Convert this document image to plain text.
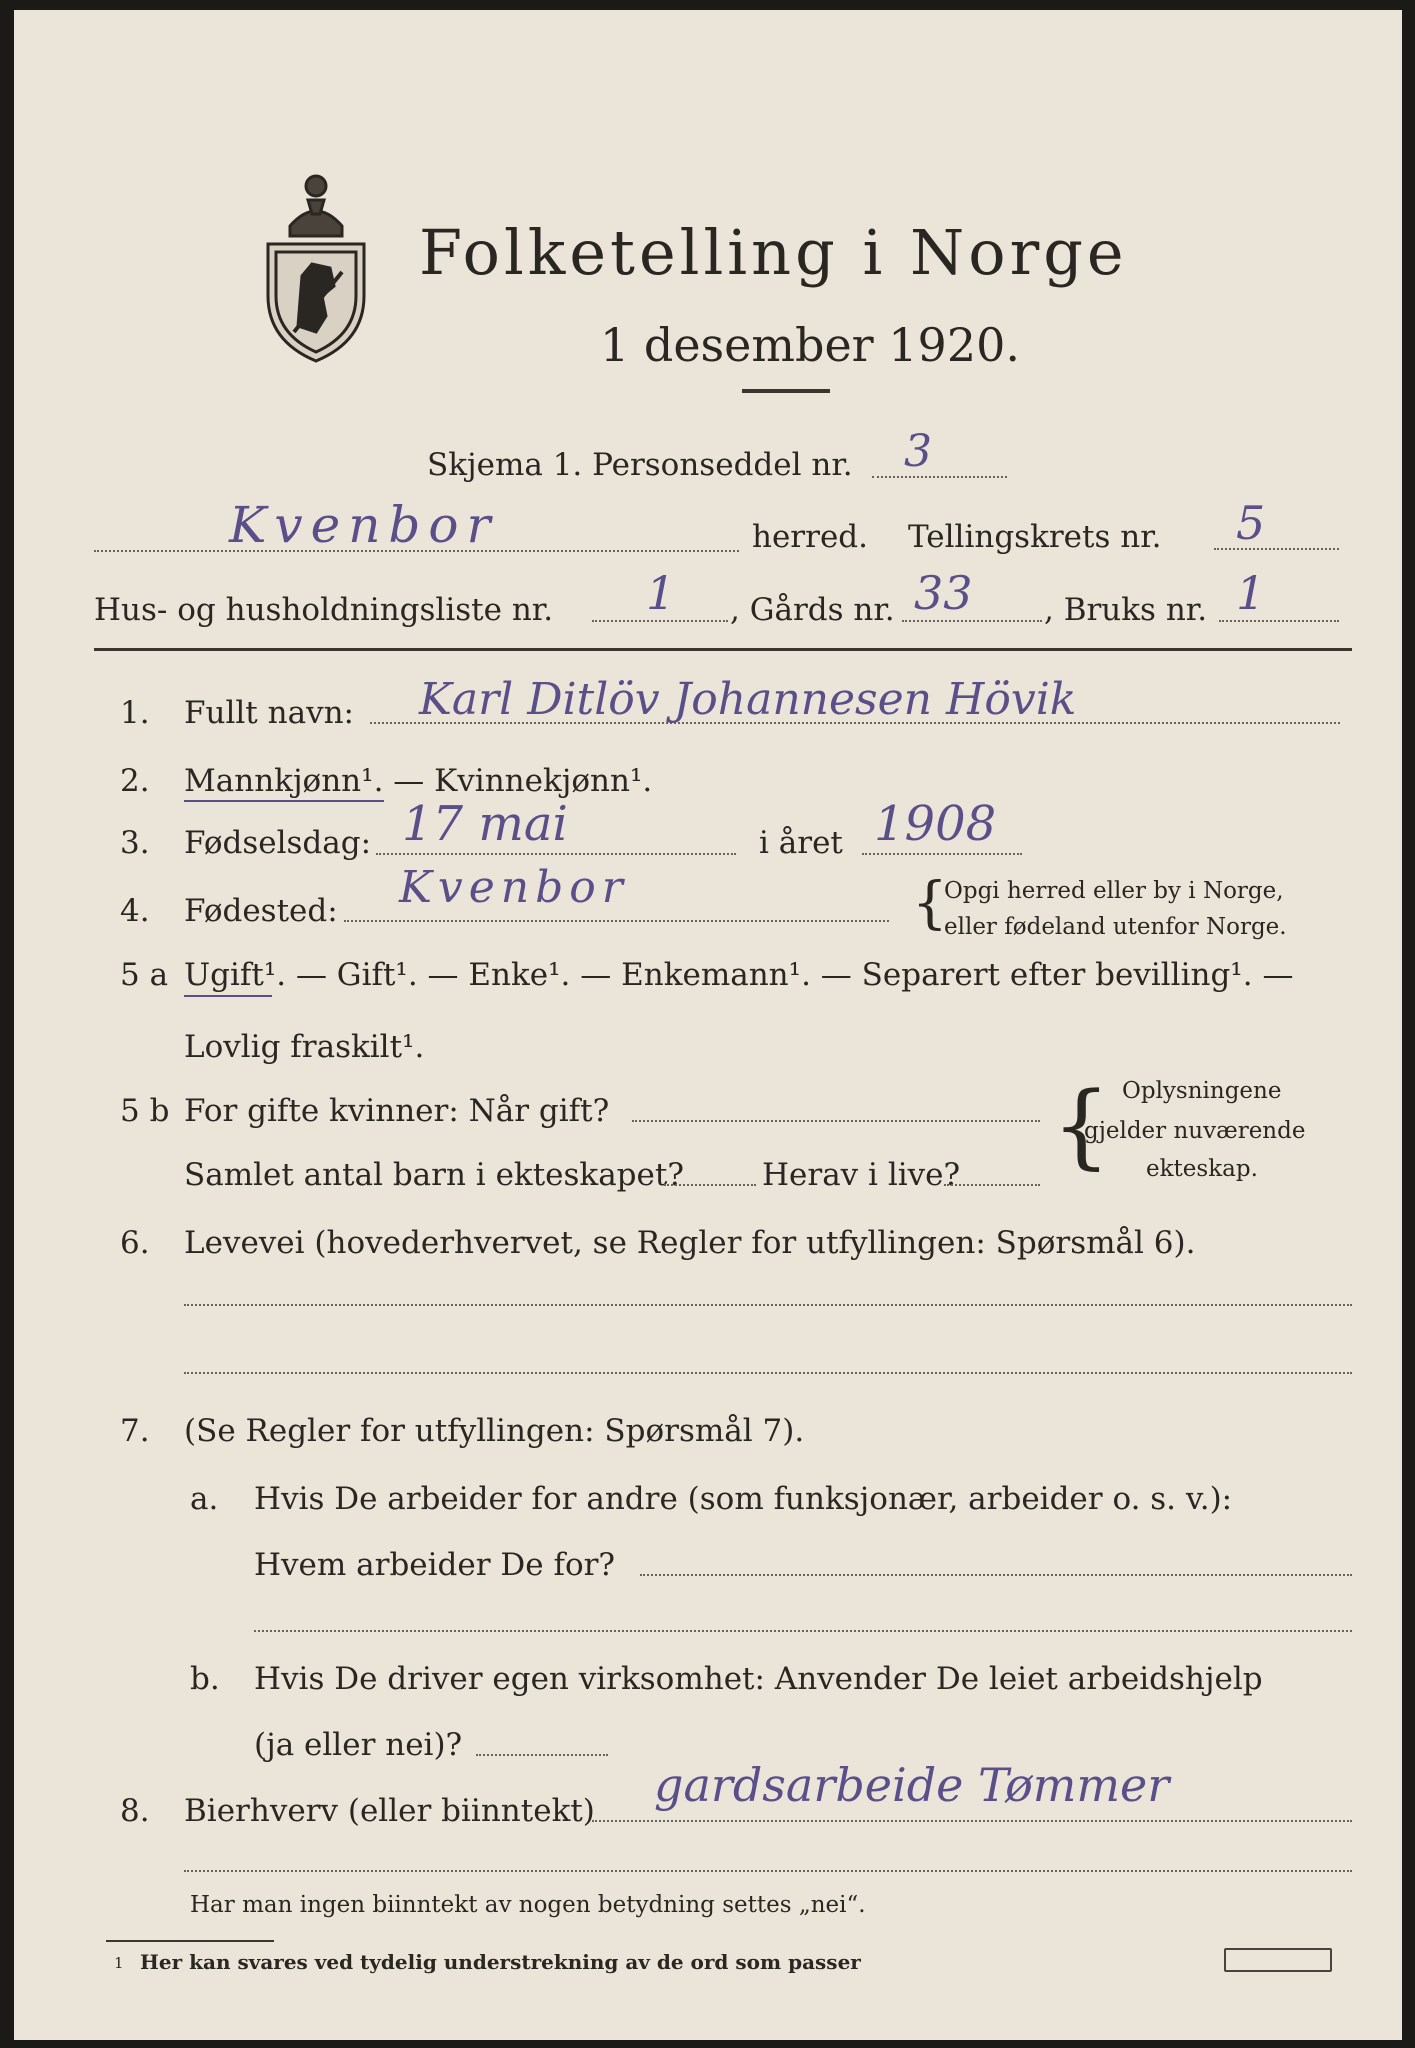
Folketelling i Norge
1 desember 1920.
Skjema 1. Personseddel nr. 3
Kvenbor	herred. Tellingskrets nr. 5
Hus- og husholdningsliste nr. 1 , Gårds nr. 33 , Bruks nr. 1
1. Fullt navn: Karl Ditlöv Johannesen Hövik
2. Mannkjønn¹. — Kvinnekjønn¹.
3. Fødselsdag: 17 mai	i året 1908
4. Fødested: Kvenbor	{
Opgi herred eller by i Norge,
eller fødeland utenfor Norge.
5 a Ugift¹. — Gift¹. — Enke¹. — Enkemann¹. — Separert efter bevilling¹. —
Lovlig fraskilt¹.
5 b For gifte kvinner: Når gift?
Samlet antal barn i ekteskapet?	Herav i live? { Oplysningene
gjelder nuværende
ekteskap.
6. Levevei (hovederhvervet, se Regler for utfyllingen: Spørsmål 6).
7. (Se Regler for utfyllingen: Spørsmål 7).
a. Hvis De arbeider for andre (som funksjonær, arbeider o. s. v.):
Hvem arbeider De for?
b. Hvis De driver egen virksomhet: Anvender De leiet arbeidshjelp
(ja eller nei)?
8. Bierhverv (eller biinntekt) gardsarbeide Tømmer
Har man ingen biinntekt av nogen betydning settes „nei“.
1 Her kan svares ved tydelig understrekning av de ord som passer
